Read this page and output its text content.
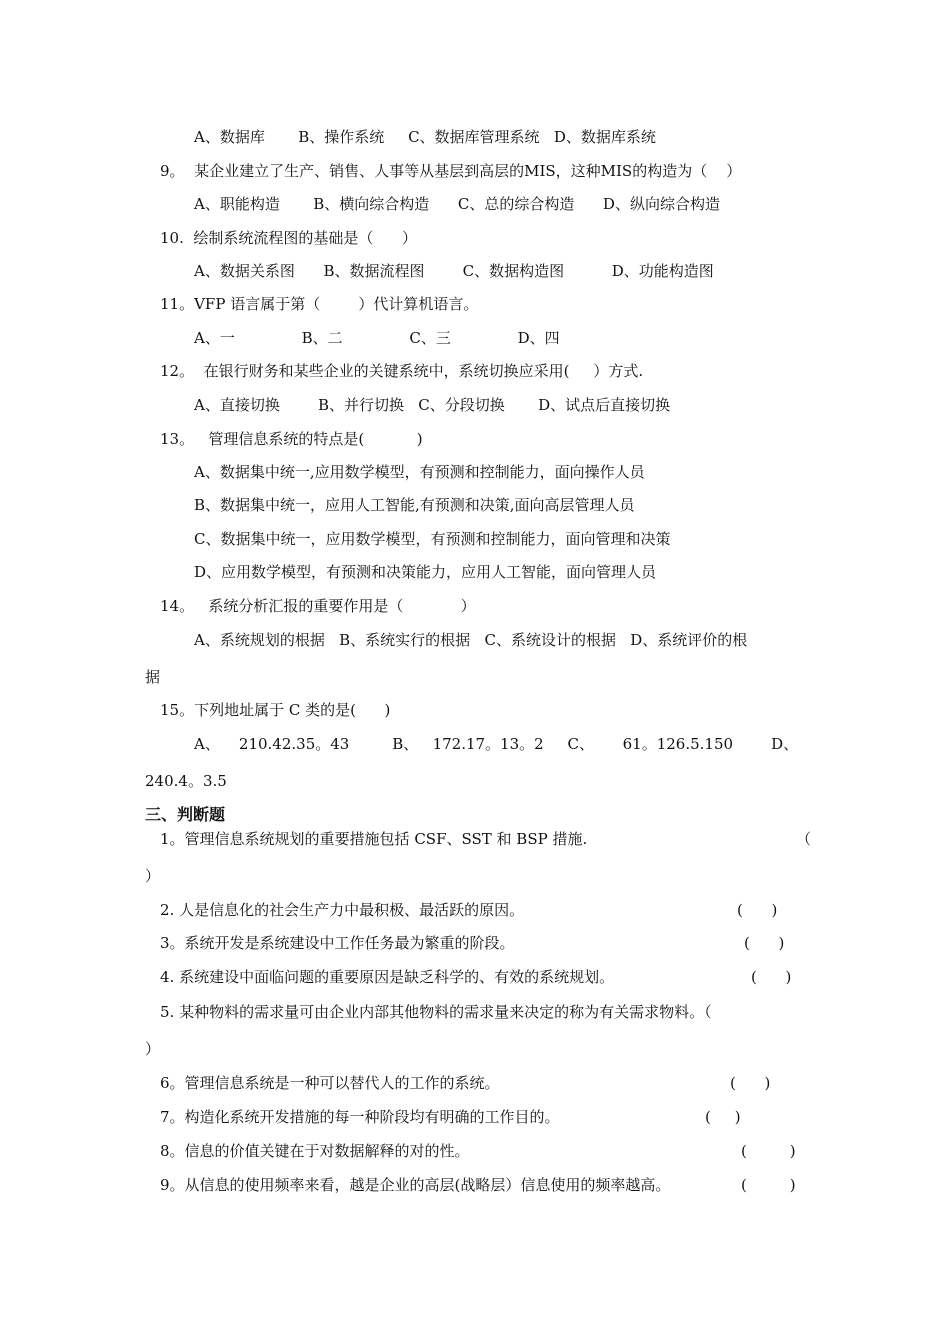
A、数据库       B、操作系统     C、数据库管理系统   D、数据库系统
9。  某企业建立了生产、销售、人事等从基层到高层的MIS，这种MIS的构造为（    ）
A、职能构造       B、横向综合构造      C、总的综合构造      D、纵向综合构造
10.  绘制系统流程图的基础是（      ）
A、数据关系图      B、数据流程图        C、数据构造图          D、功能构造图
11。VFP 语言属于第（        ）代计算机语言。
A、一              B、二              C、三              D、四
12。  在银行财务和某些企业的关键系统中，系统切换应采用(     ）方式.
A、直接切换        B、并行切换   C、分段切换       D、试点后直接切换
13。   管理信息系统的特点是(           )
A、数据集中统一,应用数学模型，有预测和控制能力，面向操作人员
B、数据集中统一，应用人工智能,有预测和决策,面向高层管理人员
C、数据集中统一，应用数学模型，有预测和控制能力，面向管理和决策
D、应用数学模型，有预测和决策能力，应用人工智能，面向管理人员
14。   系统分析汇报的重要作用是（            ）
A、系统规划的根据   B、系统实行的根据   C、系统设计的根据   D、系统评价的根
据
15。下列地址属于 C 类的是(      )
A、    210.42.35。43         B、   172.17。13。2     C、      61。126.5.150        D、
240.4。3.5
三、判断题
1。管理信息系统规划的重要措施包括 CSF、SST 和 BSP 措施.	（
）
2. 人是信息化的社会生产力中最积极、最活跃的原因。	(      )
3。系统开发是系统建设中工作任务最为繁重的阶段。	(      )
4. 系统建设中面临问题的重要原因是缺乏科学的、有效的系统规划。	(      )
5. 某种物料的需求量可由企业内部其他物料的需求量来决定的称为有关需求物料。（
）
6。管理信息系统是一种可以替代人的工作的系统。	(      )
7。构造化系统开发措施的每一种阶段均有明确的工作目的。	(     )
8。信息的价值关键在于对数据解释的对的性。	(         )
9。从信息的使用频率来看，越是企业的高层(战略层）信息使用的频率越高。	(         )
